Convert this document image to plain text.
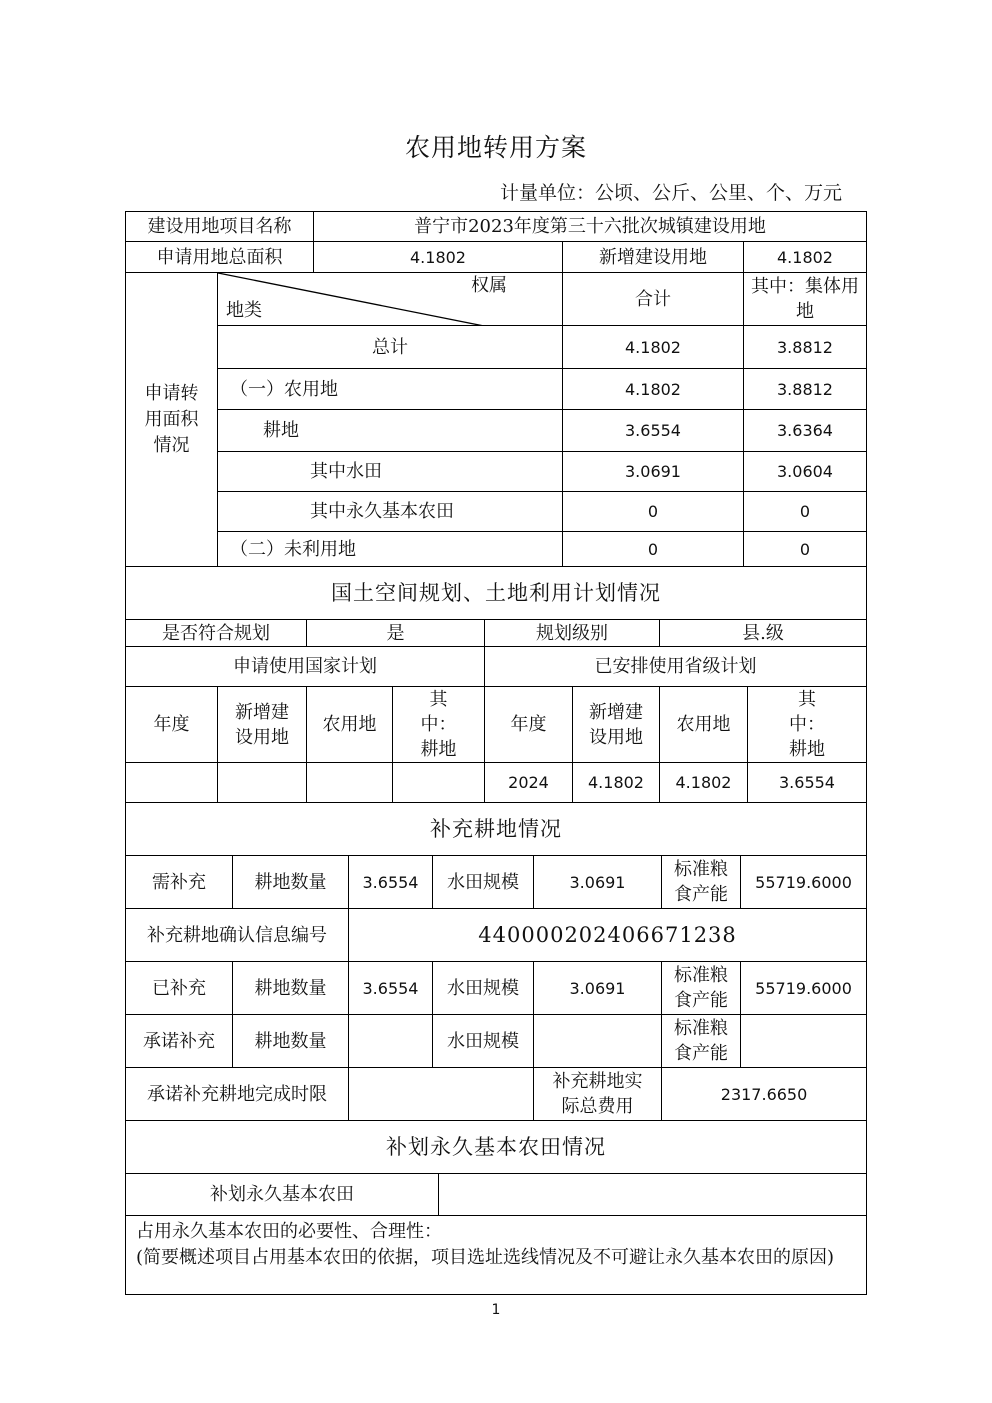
农用地转用方案
计量单位：公顷、公斤、公里、个、万元
建设用地项目名称		普宁市2023年度第三十六批次城镇建设用地		
申请用地总面积		4.1802	新增建设用地	4.1802

申请转用面积情况	权属
地类		合计	其中：集体用地
	总计		4.1802	3.8812
	（一）农用地		4.1802	3.8812
	耕地		3.6554	3.6364
	其中水田		3.0691	3.0604
	其中永久基本农田		0	0
	（二）未利用地		0	0
国土空间规划、土地利用计划情况							
是否符合规划		是		规划级别		县.级	
申请使用国家计划				已安排使用省级计划			

年度	新增建设用地	农用地	其中：耕地	年度	新增建设用地	农用地	其中：耕地

				2024	4.1802	4.1802	3.6554
补充耕地情况						
需补充	耕地数量	3.6554	水田规模	3.0691	标准粮食产能	55719.6000
补充耕地确认信息编号		440000202406671238				
已补充	耕地数量	3.6554	水田规模	3.0691	标准粮食产能	55719.6000
承诺补充	耕地数量		水田规模		标准粮食产能	

承诺补充耕地完成时限				补充耕地实际总费用	2317.6650	
补划永久基本农田情况
补划永久基本农田	

占用永久基本农田的必要性、合理性：
(简要概述项目占用基本农田的依据，项目选址选线情况及不可避让永久基本农田的原因)
1
